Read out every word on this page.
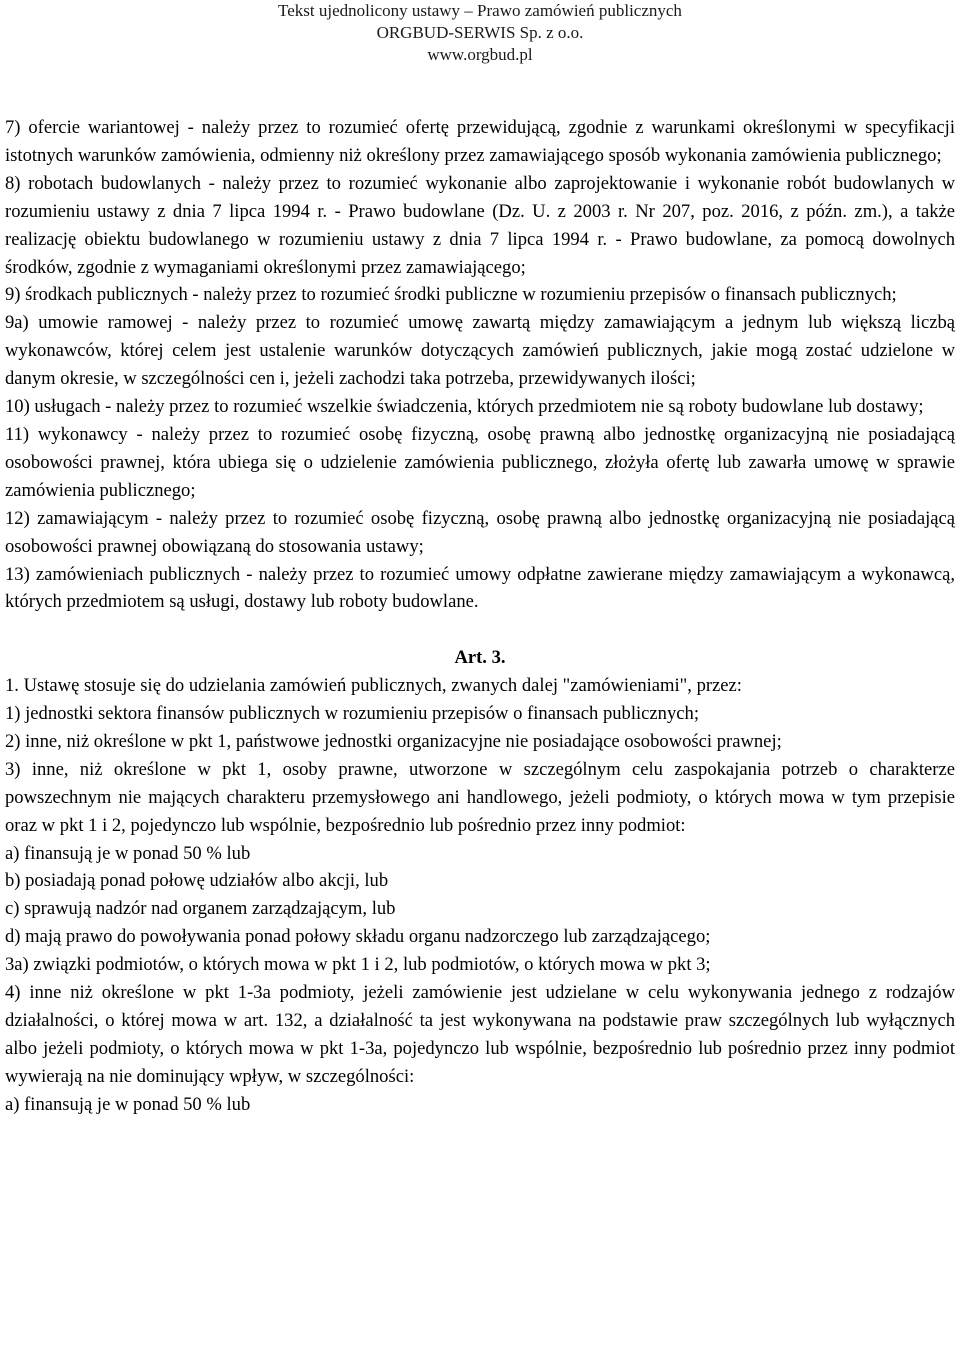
Tekst ujednolicony ustawy – Prawo zamówień publicznych
ORGBUD-SERWIS Sp. z o.o.
www.orgbud.pl

7) ofercie wariantowej - należy przez to rozumieć ofertę przewidującą, zgodnie z warunkami określonymi w specyfikacji istotnych warunków zamówienia, odmienny niż określony przez zamawiającego sposób wykonania zamówienia publicznego;

8) robotach budowlanych - należy przez to rozumieć wykonanie albo zaprojektowanie i wykonanie robót budowlanych w rozumieniu ustawy z dnia 7 lipca 1994 r. - Prawo budowlane (Dz. U. z 2003 r. Nr 207, poz. 2016, z późn. zm.), a także realizację obiektu budowlanego w rozumieniu ustawy z dnia 7 lipca 1994 r. - Prawo budowlane, za pomocą dowolnych środków, zgodnie z wymaganiami określonymi przez zamawiającego;

9) środkach publicznych - należy przez to rozumieć środki publiczne w rozumieniu przepisów o finansach publicznych;

9a) umowie ramowej - należy przez to rozumieć umowę zawartą między zamawiającym a jednym lub większą liczbą wykonawców, której celem jest ustalenie warunków dotyczących zamówień publicznych, jakie mogą zostać udzielone w danym okresie, w szczególności cen i, jeżeli zachodzi taka potrzeba, przewidywanych ilości;

10) usługach - należy przez to rozumieć wszelkie świadczenia, których przedmiotem nie są roboty budowlane lub dostawy;

11) wykonawcy - należy przez to rozumieć osobę fizyczną, osobę prawną albo jednostkę organizacyjną nie posiadającą osobowości prawnej, która ubiega się o udzielenie zamówienia publicznego, złożyła ofertę lub zawarła umowę w sprawie zamówienia publicznego;

12) zamawiającym - należy przez to rozumieć osobę fizyczną, osobę prawną albo jednostkę organizacyjną nie posiadającą osobowości prawnej obowiązaną do stosowania ustawy;

13) zamówieniach publicznych - należy przez to rozumieć umowy odpłatne zawierane między zamawiającym a wykonawcą, których przedmiotem są usługi, dostawy lub roboty budowlane.

Art. 3.

1. Ustawę stosuje się do udzielania zamówień publicznych, zwanych dalej "zamówieniami", przez:

1) jednostki sektora finansów publicznych w rozumieniu przepisów o finansach publicznych;

2) inne, niż określone w pkt 1, państwowe jednostki organizacyjne nie posiadające osobowości prawnej;

3) inne, niż określone w pkt 1, osoby prawne, utworzone w szczególnym celu zaspokajania potrzeb o charakterze powszechnym nie mających charakteru przemysłowego ani handlowego, jeżeli podmioty, o których mowa w tym przepisie oraz w pkt 1 i 2, pojedynczo lub wspólnie, bezpośrednio lub pośrednio przez inny podmiot:

a) finansują je w ponad 50 % lub

b) posiadają ponad połowę udziałów albo akcji, lub

c) sprawują nadzór nad organem zarządzającym, lub

d) mają prawo do powoływania ponad połowy składu organu nadzorczego lub zarządzającego;

3a) związki podmiotów, o których mowa w pkt 1 i 2, lub podmiotów, o których mowa w pkt 3;

4) inne niż określone w pkt 1-3a podmioty, jeżeli zamówienie jest udzielane w celu wykonywania jednego z rodzajów działalności, o której mowa w art. 132, a działalność ta jest wykonywana na podstawie praw szczególnych lub wyłącznych albo jeżeli podmioty, o których mowa w pkt 1-3a, pojedynczo lub wspólnie, bezpośrednio lub pośrednio przez inny podmiot wywierają na nie dominujący wpływ, w szczególności:

a) finansują je w ponad 50 % lub
